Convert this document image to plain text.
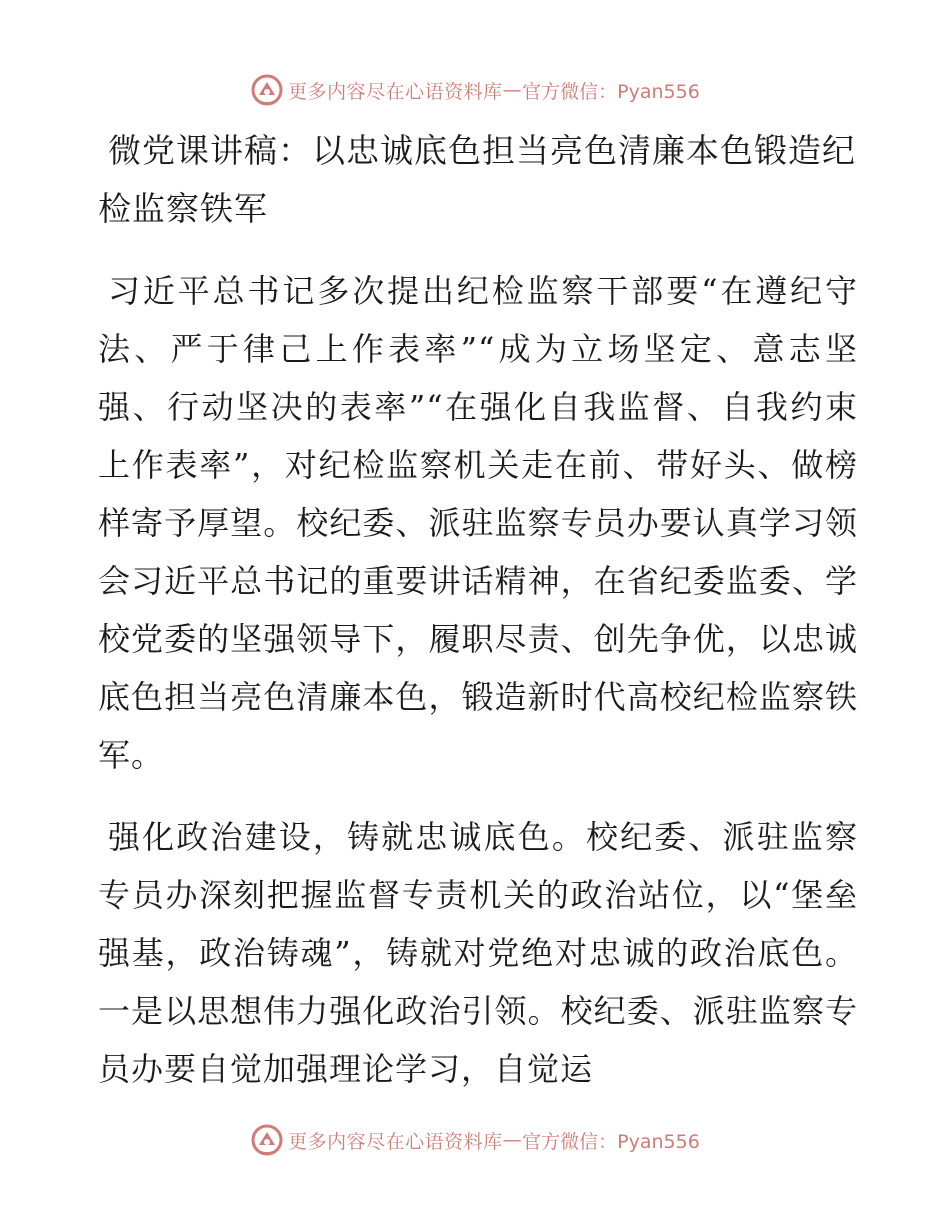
更多内容尽在心语资料库 — 官方微信：Pyan556
微党课讲稿：以忠诚底色担当亮色清廉本色锻造纪检监察铁军

习近平总书记多次提出纪检监察干部要“在遵纪守法、严于律己上作表率”“成为立场坚定、意志坚强、行动坚决的表率”“在强化自我监督、自我约束上作表率”，对纪检监察机关走在前、带好头、做榜样寄予厚望。校纪委、派驻监察专员办要认真学习领会习近平总书记的重要讲话精神，在省纪委监委、学校党委的坚强领导下，履职尽责、创先争优，以忠诚底色担当亮色清廉本色，锻造新时代高校纪检监察铁军。

强化政治建设，铸就忠诚底色。校纪委、派驻监察专员办深刻把握监督专责机关的政治站位，以“堡垒强基，政治铸魂”，铸就对党绝对忠诚的政治底色。一是以思想伟力强化政治引领。校纪委、派驻监察专员办要自觉加强理论学习，自觉运

更多内容尽在心语资料库 — 官方微信：Pyan556
